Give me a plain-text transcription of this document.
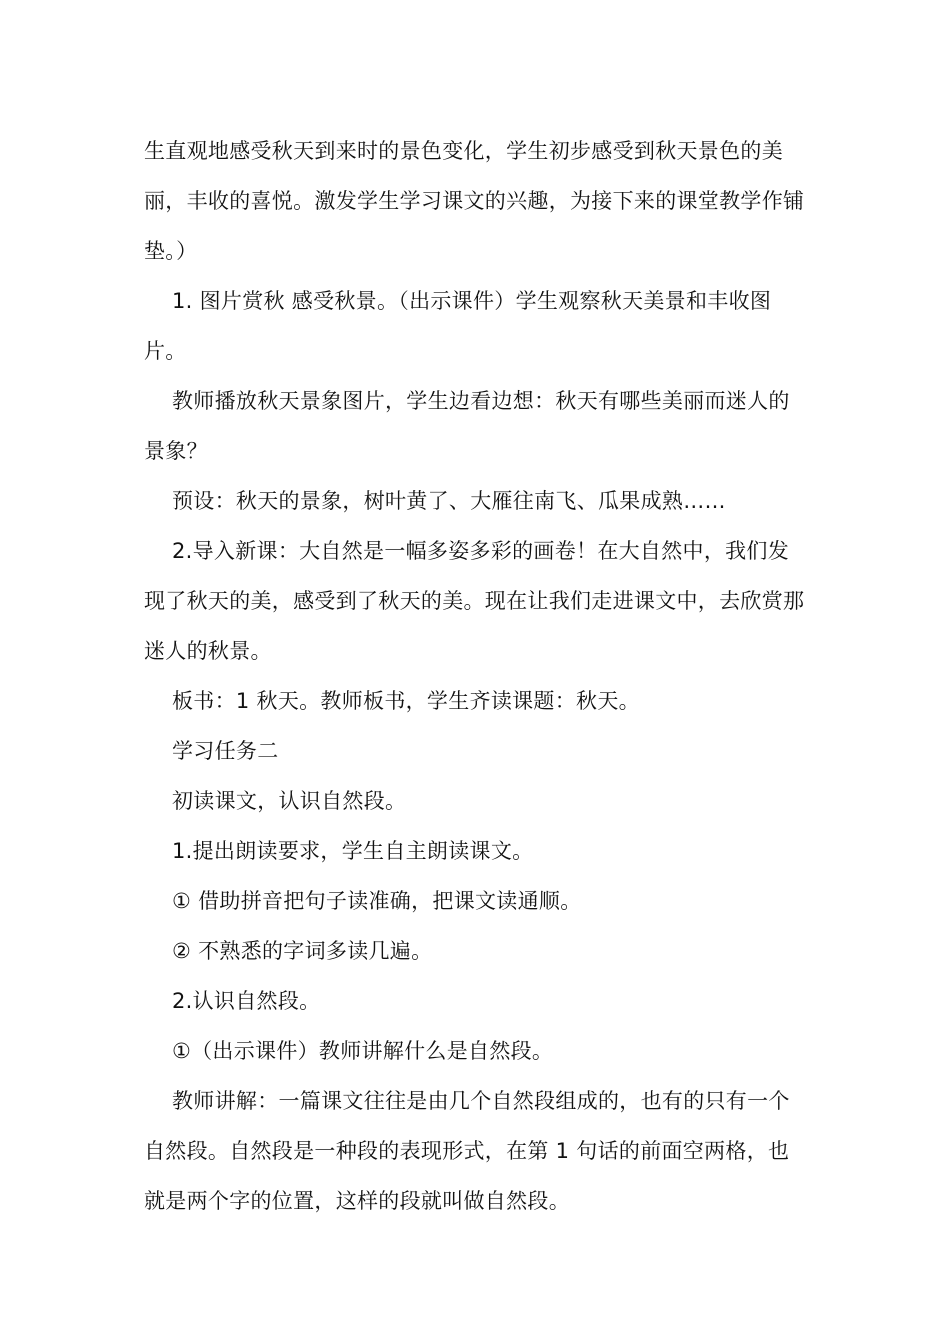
生直观地感受秋天到来时的景色变化，学生初步感受到秋天景色的美丽，丰收的喜悦。激发学生学习课文的兴趣，为接下来的课堂教学作铺垫。）

1. 图片赏秋 感受秋景。（出示课件）学生观察秋天美景和丰收图片。

教师播放秋天景象图片，学生边看边想：秋天有哪些美丽而迷人的景象？

预设：秋天的景象，树叶黄了、大雁往南飞、瓜果成熟……

2.导入新课：大自然是一幅多姿多彩的画卷！在大自然中，我们发现了秋天的美，感受到了秋天的美。现在让我们走进课文中，去欣赏那迷人的秋景。

板书：1 秋天。教师板书，学生齐读课题：秋天。

学习任务二

初读课文，认识自然段。

1.提出朗读要求，学生自主朗读课文。

① 借助拼音把句子读准确，把课文读通顺。

② 不熟悉的字词多读几遍。

2.认识自然段。

①（出示课件）教师讲解什么是自然段。

教师讲解：一篇课文往往是由几个自然段组成的，也有的只有一个自然段。自然段是一种段的表现形式，在第 1 句话的前面空两格，也就是两个字的位置，这样的段就叫做自然段。
